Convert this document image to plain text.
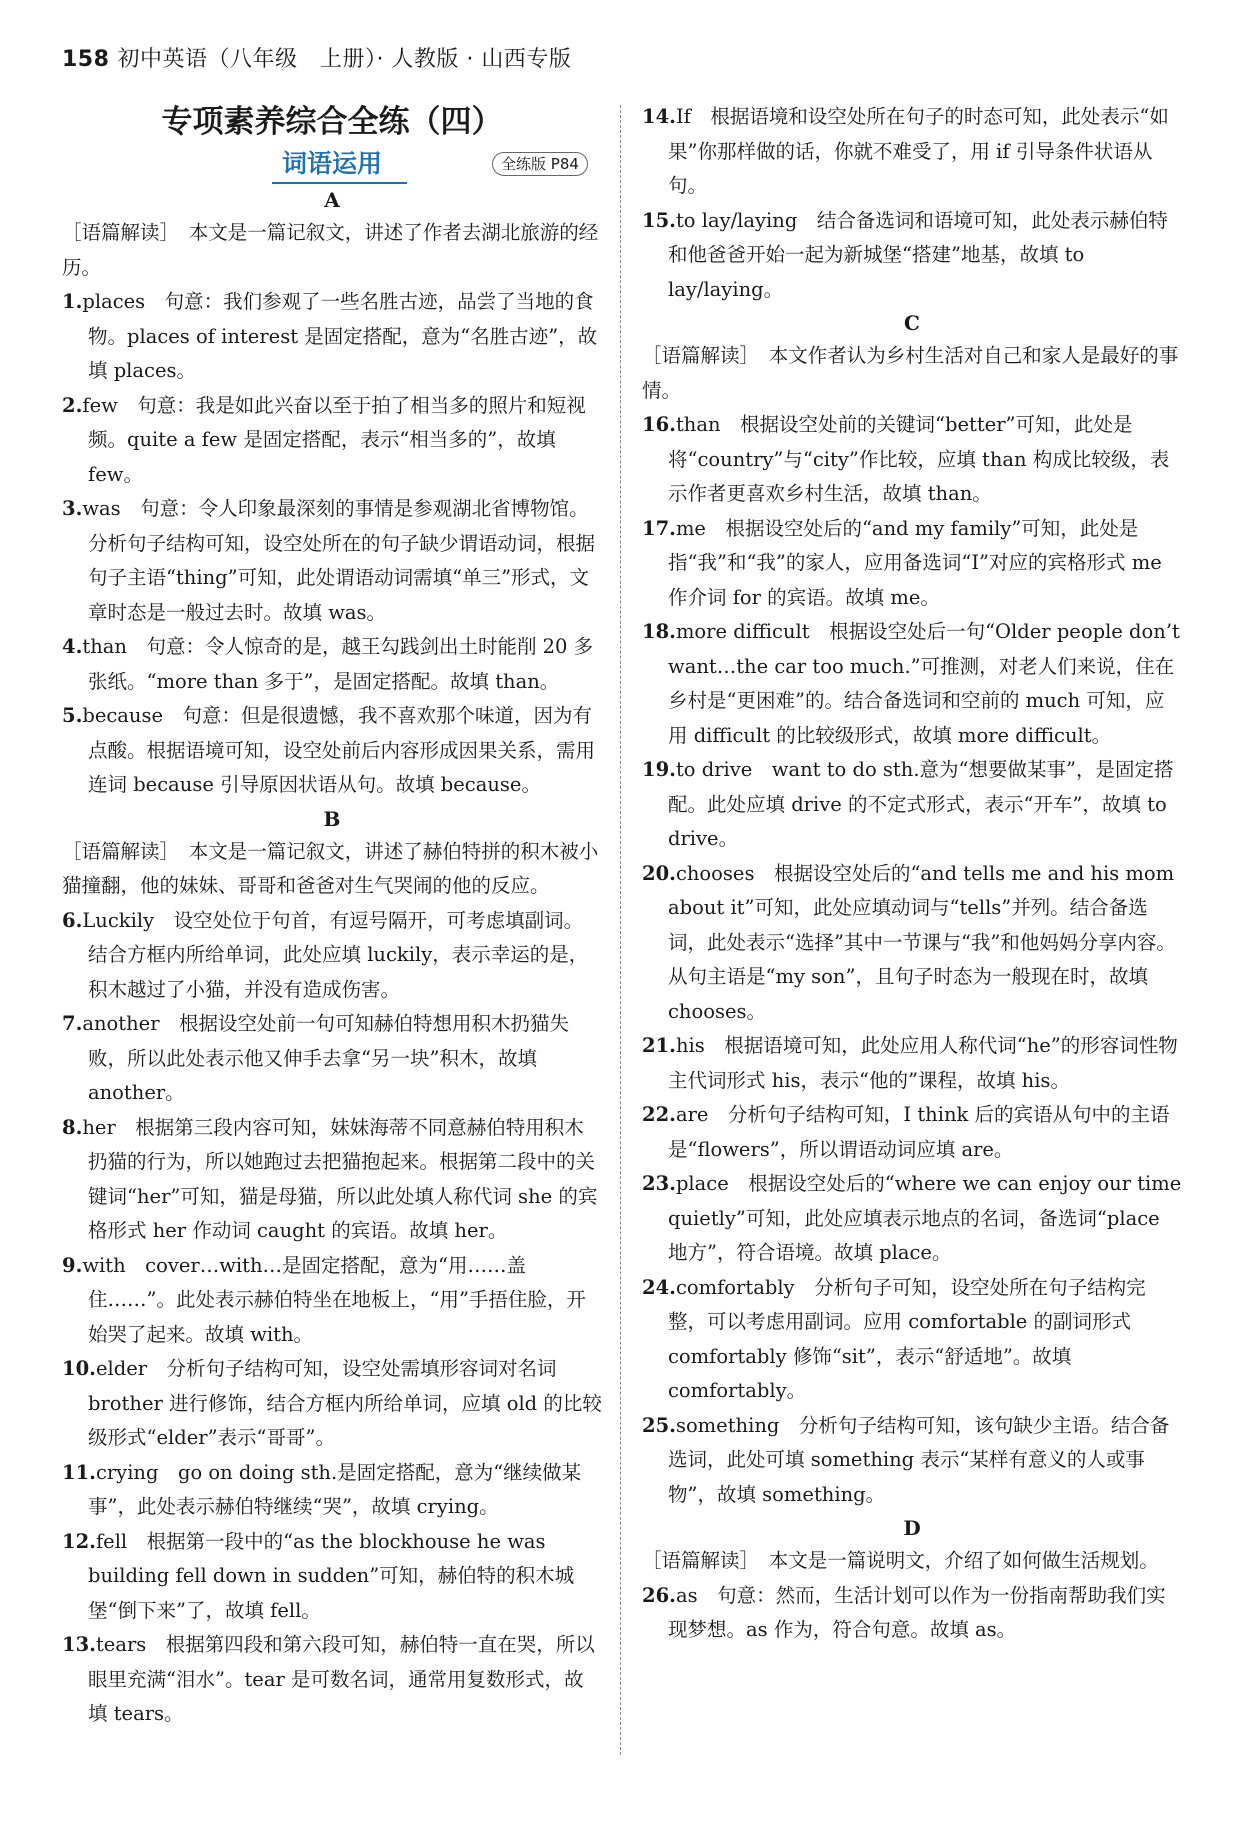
158 初中英语（八年级　上册）· 人教版 · 山西专版
专项素养综合全练（四）
词语运用	全练版 P84
A

［语篇解读］　本文是一篇记叙文，讲述了作者去湖北旅游的经历。

1.places　句意：我们参观了一些名胜古迹，品尝了当地的食物。places of interest 是固定搭配，意为“名胜古迹”，故填 places。

2.few　句意：我是如此兴奋以至于拍了相当多的照片和短视频。quite a few 是固定搭配，表示“相当多的”，故填 few。

3.was　句意：令人印象最深刻的事情是参观湖北省博物馆。分析句子结构可知，设空处所在的句子缺少谓语动词，根据句子主语“thing”可知，此处谓语动词需填“单三”形式，文章时态是一般过去时。故填 was。

4.than　句意：令人惊奇的是，越王勾践剑出土时能削 20 多张纸。“more than 多于”，是固定搭配。故填 than。

5.because　句意：但是很遗憾，我不喜欢那个味道，因为有点酸。根据语境可知，设空处前后内容形成因果关系，需用连词 because 引导原因状语从句。故填 because。

B

［语篇解读］　本文是一篇记叙文，讲述了赫伯特拼的积木被小猫撞翻，他的妹妹、哥哥和爸爸对生气哭闹的他的反应。

6.Luckily　设空处位于句首，有逗号隔开，可考虑填副词。结合方框内所给单词，此处应填 luckily，表示幸运的是，积木越过了小猫，并没有造成伤害。

7.another　根据设空处前一句可知赫伯特想用积木扔猫失败，所以此处表示他又伸手去拿“另一块”积木，故填 another。

8.her　根据第三段内容可知，妹妹海蒂不同意赫伯特用积木扔猫的行为，所以她跑过去把猫抱起来。根据第二段中的关键词“her”可知，猫是母猫，所以此处填人称代词 she 的宾格形式 her 作动词 caught 的宾语。故填 her。

9.with　cover…with…是固定搭配，意为“用……盖住……”。此处表示赫伯特坐在地板上，“用”手捂住脸，开始哭了起来。故填 with。

10.elder　分析句子结构可知，设空处需填形容词对名词 brother 进行修饰，结合方框内所给单词，应填 old 的比较级形式“elder”表示“哥哥”。

11.crying　go on doing sth.是固定搭配，意为“继续做某事”，此处表示赫伯特继续“哭”，故填 crying。

12.fell　根据第一段中的“as the blockhouse he was building fell down in sudden”可知，赫伯特的积木城堡“倒下来”了，故填 fell。

13.tears　根据第四段和第六段可知，赫伯特一直在哭，所以眼里充满“泪水”。tear 是可数名词，通常用复数形式，故填 tears。

14.If　根据语境和设空处所在句子的时态可知，此处表示“如果”你那样做的话，你就不难受了，用 if 引导条件状语从句。

15.to lay/laying　结合备选词和语境可知，此处表示赫伯特和他爸爸开始一起为新城堡“搭建”地基，故填 to lay/laying。

C

［语篇解读］　本文作者认为乡村生活对自己和家人是最好的事情。

16.than　根据设空处前的关键词“better”可知，此处是将“country”与“city”作比较，应填 than 构成比较级，表示作者更喜欢乡村生活，故填 than。

17.me　根据设空处后的“and my family”可知，此处是指“我”和“我”的家人，应用备选词“I”对应的宾格形式 me 作介词 for 的宾语。故填 me。

18.more difficult　根据设空处后一句“Older people don’t want…the car too much.”可推测，对老人们来说，住在乡村是“更困难”的。结合备选词和空前的 much 可知，应用 difficult 的比较级形式，故填 more difficult。

19.to drive　want to do sth.意为“想要做某事”，是固定搭配。此处应填 drive 的不定式形式，表示“开车”，故填 to drive。

20.chooses　根据设空处后的“and tells me and his mom about it”可知，此处应填动词与“tells”并列。结合备选词，此处表示“选择”其中一节课与“我”和他妈妈分享内容。从句主语是“my son”，且句子时态为一般现在时，故填 chooses。

21.his　根据语境可知，此处应用人称代词“he”的形容词性物主代词形式 his，表示“他的”课程，故填 his。

22.are　分析句子结构可知，I think 后的宾语从句中的主语是“flowers”，所以谓语动词应填 are。

23.place　根据设空处后的“where we can enjoy our time quietly”可知，此处应填表示地点的名词，备选词“place 地方”，符合语境。故填 place。

24.comfortably　分析句子可知，设空处所在句子结构完整，可以考虑用副词。应用 comfortable 的副词形式 comfortably 修饰“sit”，表示“舒适地”。故填 comfortably。

25.something　分析句子结构可知，该句缺少主语。结合备选词，此处可填 something 表示“某样有意义的人或事物”，故填 something。

D

［语篇解读］　本文是一篇说明文，介绍了如何做生活规划。

26.as　句意：然而，生活计划可以作为一份指南帮助我们实现梦想。as 作为，符合句意。故填 as。
